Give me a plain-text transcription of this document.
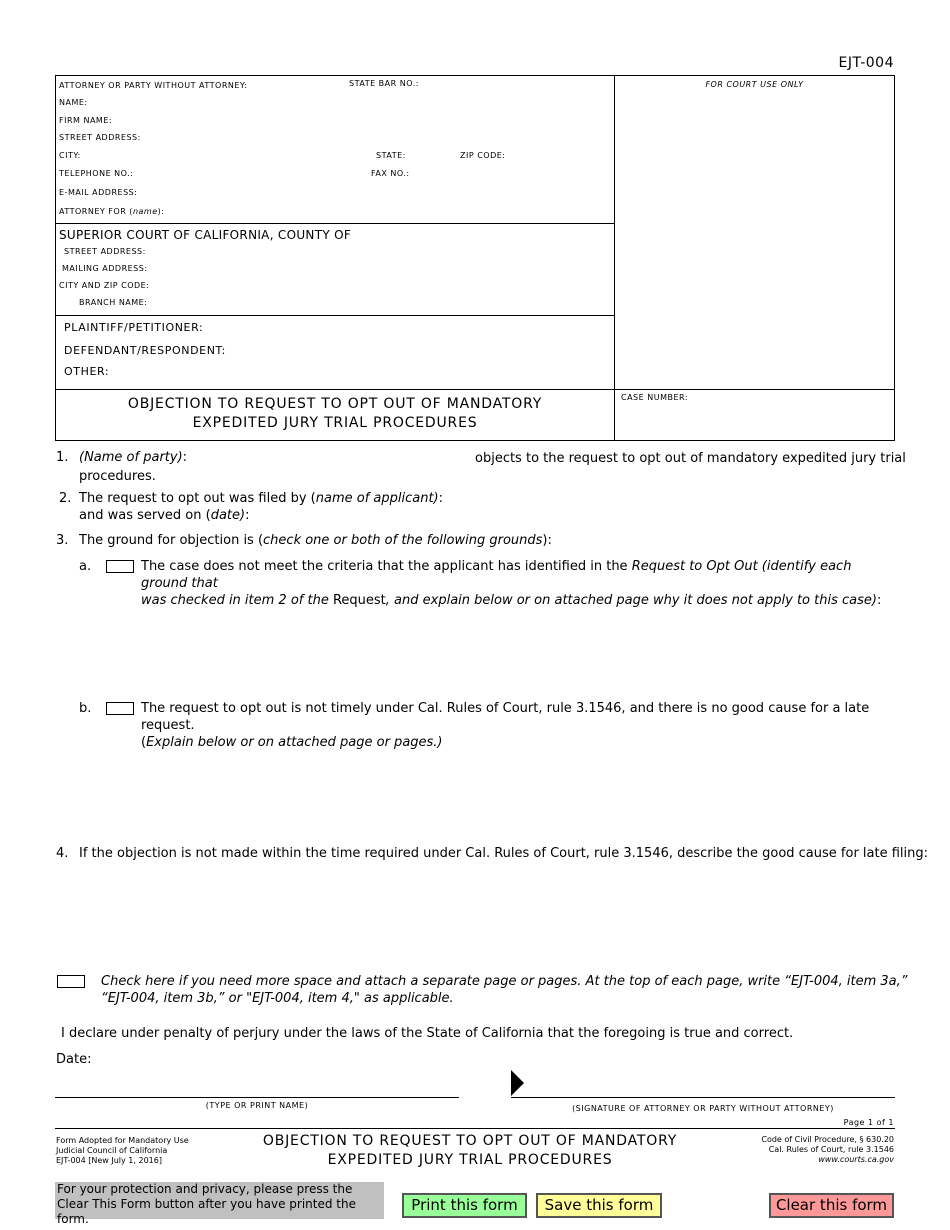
EJT-004
ATTORNEY OR PARTY WITHOUT ATTORNEY:	STATE BAR NO.:
NAME:
FIRM NAME:
STREET ADDRESS:
CITY:	STATE:	ZIP CODE:
TELEPHONE NO.:	FAX NO.:
E-MAIL ADDRESS:
ATTORNEY FOR (name):
FOR COURT USE ONLY
SUPERIOR COURT OF CALIFORNIA, COUNTY OF
STREET ADDRESS:
MAILING ADDRESS:
CITY AND ZIP CODE:
BRANCH NAME:
PLAINTIFF/PETITIONER:
DEFENDANT/RESPONDENT:
OTHER:
OBJECTION TO REQUEST TO OPT OUT OF MANDATORY
EXPEDITED JURY TRIAL PROCEDURES
CASE NUMBER:
1. (Name of party):	objects to the request to opt out of mandatory expedited jury trial
procedures.
2. The request to opt out was filed by (name of applicant):
and was served on (date):
3. The ground for objection is (check one or both of the following grounds):
a.	The case does not meet the criteria that the applicant has identified in the Request to Opt Out (identify each ground that
was checked in item 2 of the Request, and explain below or on attached page why it does not apply to this case):
b.	The request to opt out is not timely under Cal. Rules of Court, rule 3.1546, and there is no good cause for a late request.
(Explain below or on attached page or pages.)
4. If the objection is not made within the time required under Cal. Rules of Court, rule 3.1546, describe the good cause for late filing:
Check here if you need more space and attach a separate page or pages. At the top of each page, write “EJT-004, item 3a,”
“EJT-004, item 3b,” or "EJT-004, item 4," as applicable.
I declare under penalty of perjury under the laws of the State of California that the foregoing is true and correct.
Date:
(TYPE OR PRINT NAME)	(SIGNATURE OF ATTORNEY OR PARTY WITHOUT ATTORNEY)
Page 1 of 1
Form Adopted for Mandatory Use
Judicial Council of California
EJT-004 [New July 1, 2016]
OBJECTION TO REQUEST TO OPT OUT OF MANDATORY
EXPEDITED JURY TRIAL PROCEDURES
Code of Civil Procedure, § 630.20
Cal. Rules of Court, rule 3.1546
www.courts.ca.gov
For your protection and privacy, please press the Clear This Form button after you have printed the form.
Print this form	Save this form	Clear this form
